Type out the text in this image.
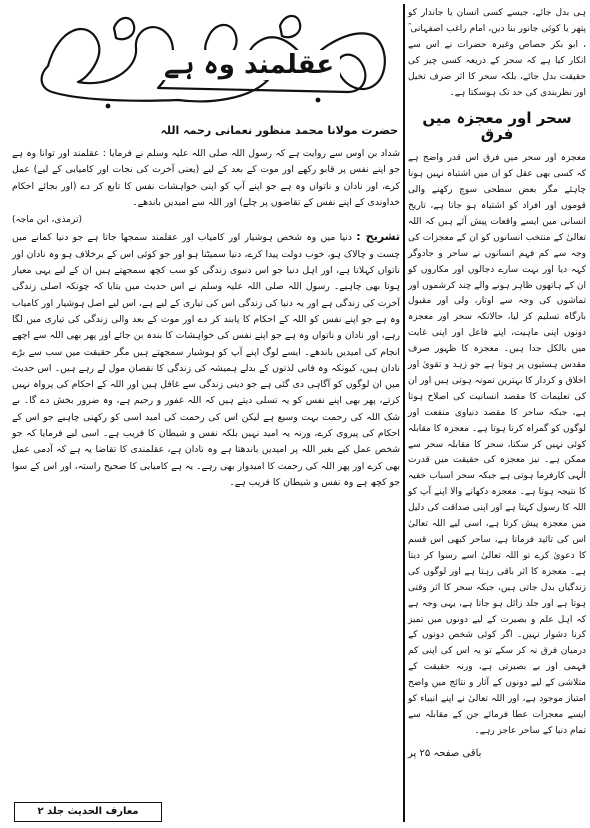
ہی بدل جائے، جیسے کسی انسان یا جاندار کو پتھر یا کوئی جانور بنا دیں، امام راغب اصفہانی ؒ ، ابو بکر جصاص وغیرہ حضرات نے اس سے انکار کیا ہے کہ سحر کے ذریعہ کسی چیز کی حقیقت بدل جائے، بلکہ سحر کا اثر صرف تخیل اور نظربندی کی حد تک ہوسکتا ہے۔

سحر اور معجزہ میں فرق

معجزہ اور سحر میں فرق اس قدر واضح ہے کہ کسی بھی عقل کو ان میں اشتباہ نہیں ہونا چاہئے مگر بعض سطحی سوچ رکھنے والی قوموں اور افراد کو اشتباہ ہو جاتا ہے، تاریخ انسانی میں ایسے واقعات پیش آئے ہیں کہ اللہ تعالیٰ کے منتخب انسانوں کو ان کے معجزات کی وجہ سے کم فہم انسانوں نے ساحر و جادوگر کہہ دیا اور بہت سارے دجالوں اور مکاروں کو ان کے ہاتھوں ظاہر ہونے والے چند کرشموں اور تماشوں کی وجہ سے اوتار، ولی اور مقبول بارگاہ تسلیم کر لیا، حالانکہ سحر اور معجزہ دونوں اپنی ماہیت، اپنے فاعل اور اپنی غایت میں بالکل جدا ہیں۔ معجزہ کا ظہور صرف مقدس ہستیوں پر ہوتا ہے جو زہد و تقویٰ اور اخلاق و کردار کا بہترین نمونہ ہوتی ہیں اور ان کی تعلیمات کا مقصد انسانیت کی اصلاح ہوتا ہے، جبکہ ساحر کا مقصد دنیاوی منفعت اور لوگوں کو گمراہ کرنا ہوتا ہے۔ معجزہ کا مقابلہ کوئی نہیں کر سکتا، سحر کا مقابلہ سحر سے ممکن ہے۔ نیز معجزہ کی حقیقت میں قدرت الٰہی کارفرما ہوتی ہے جبکہ سحر اسباب خفیہ کا نتیجہ ہوتا ہے۔ معجزہ دکھانے والا اپنے آپ کو اللہ کا رسول کہتا ہے اور اپنی صداقت کی دلیل میں معجزہ پیش کرتا ہے، اسی لیے اللہ تعالیٰ اس کی تائید فرماتا ہے، ساحر کبھی اس قسم کا دعویٰ کرے تو اللہ تعالیٰ اسے رسوا کر دیتا ہے۔ معجزہ کا اثر باقی رہتا ہے اور لوگوں کی زندگیاں بدل جاتی ہیں، جبکہ سحر کا اثر وقتی ہوتا ہے اور جلد زائل ہو جاتا ہے، یہی وجہ ہے کہ اہل علم و بصیرت کے لیے دونوں میں تمیز کرنا دشوار نہیں۔ اگر کوئی شخص دونوں کے درمیان فرق نہ کر سکے تو یہ اس کی اپنی کم فہمی اور بے بصیرتی ہے، ورنہ حقیقت کے متلاشی کے لیے دونوں کے آثار و نتائج میں واضح امتیاز موجود ہے، اور اللہ تعالیٰ نے اپنے انبیاء کو ایسے معجزات عطا فرمائے جن کے مقابلہ سے تمام دنیا کے ساحر عاجز رہے۔

باقی صفحہ ۲۵ پر
عقلمند وہ ہے
حضرت مولانا محمد منظور نعمانی رحمہ اللہ

شداد بن اوس سے روایت ہے کہ رسول اللہ صلی اللہ علیہ وسلم نے فرمایا : عقلمند اور توانا وہ ہے جو اپنے نفس پر قابو رکھے اور موت کے بعد کے لیے (یعنی آخرت کی نجات اور کامیابی کے لیے) عمل کرے، اور نادان و ناتواں وہ ہے جو اپنے آپ کو اپنی خواہشات نفس کا تابع کر دے (اور بجائے احکام خداوندی کے اپنے نفس کے تقاضوں پر چلے) اور اللہ سے امیدیں باندھے۔

(ترمذی، ابن ماجہ)

تشریح : دنیا میں وہ شخص ہوشیار اور کامیاب اور عقلمند سمجھا جاتا ہے جو دنیا کمانے میں چست و چالاک ہو، خوب دولت پیدا کرے، دنیا سمیٹنا ہو اور جو کوئی اس کے برخلاف ہو وہ نادان اور ناتواں کہلاتا ہے، اور اہل دنیا جو اس دنیوی زندگی کو سب کچھ سمجھتے ہیں ان کے لیے یہی معیار ہونا بھی چاہیے۔ رسول اللہ صلی اللہ علیہ وسلم نے اس حدیث میں بتایا کہ چونکہ اصلی زندگی آخرت کی زندگی ہے اور یہ دنیا کی زندگی اس کی تیاری کے لیے ہے، اس لیے اصل ہوشیار اور کامیاب وہ ہے جو اپنے نفس کو اللہ کے احکام کا پابند کر دے اور موت کے بعد والی زندگی کی تیاری میں لگا رہے، اور نادان و ناتواں وہ ہے جو اپنے نفس کی خواہشات کا بندہ بن جائے اور پھر بھی اللہ سے اچھے انجام کی امیدیں باندھے۔ ایسے لوگ اپنے آپ کو ہوشیار سمجھتے ہیں مگر حقیقت میں سب سے بڑے نادان ہیں، کیونکہ وہ فانی لذتوں کے بدلے ہمیشہ کی زندگی کا نقصان مول لے رہے ہیں۔ اس حدیث میں ان لوگوں کو آگاہی دی گئی ہے جو دینی زندگی سے غافل ہیں اور اللہ کے احکام کی پرواہ نہیں کرتے، پھر بھی اپنے نفس کو یہ تسلی دیتے ہیں کہ اللہ غفور و رحیم ہے، وہ ضرور بخش دے گا۔ بے شک اللہ کی رحمت بہت وسیع ہے لیکن اس کی رحمت کی امید اسی کو رکھنی چاہیے جو اس کے احکام کی پیروی کرے، ورنہ یہ امید نہیں بلکہ نفس و شیطان کا فریب ہے۔ اسی لیے فرمایا کہ جو شخص عمل کیے بغیر اللہ پر امیدیں باندھتا ہے وہ نادان ہے، عقلمندی کا تقاضا یہ ہے کہ آدمی عمل بھی کرے اور پھر اللہ کی رحمت کا امیدوار بھی رہے۔ یہ ہے کامیابی کا صحیح راستہ، اور اس کے سوا جو کچھ ہے وہ نفس و شیطان کا فریب ہے۔

معارف الحدیث جلد ۲
